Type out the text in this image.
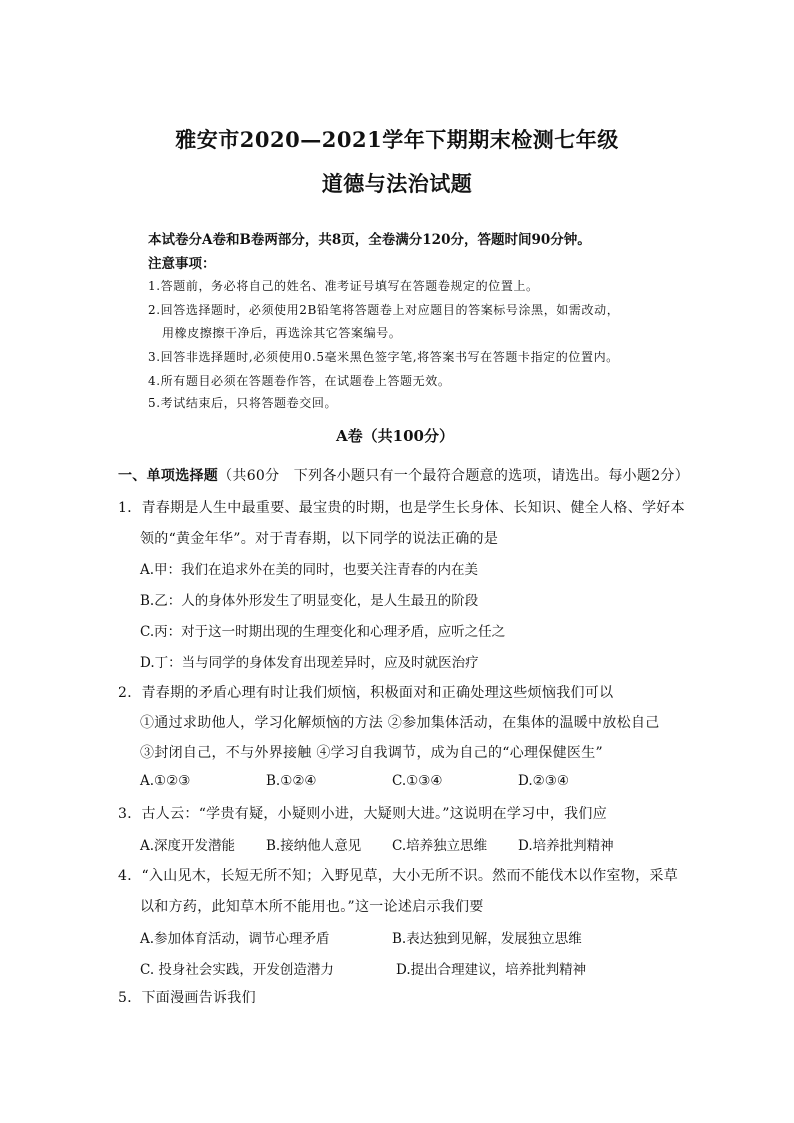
雅安市2020—2021学年下期期末检测七年级
道德与法治试题
本试卷分A卷和B卷两部分，共8页，全卷满分120分，答题时间90分钟。
注意事项：
1.答题前，务必将自己的姓名、准考证号填写在答题卷规定的位置上。
2.回答选择题时，必须使用2B铅笔将答题卷上对应题目的答案标号涂黑，如需改动，
用橡皮擦擦干净后，再选涂其它答案编号。
3.回答非选择题时,必须使用0.5毫米黑色签字笔,将答案书写在答题卡指定的位置内。
4.所有题目必须在答题卷作答，在试题卷上答题无效。
5.考试结束后，只将答题卷交回。
A卷（共100分）
一、单项选择题（共60分　下列各小题只有一个最符合题意的选项，请选出。每小题2分）
1．青春期是人生中最重要、最宝贵的时期，也是学生长身体、长知识、健全人格、学好本
领的“黄金年华”。对于青春期，以下同学的说法正确的是
A.甲：我们在追求外在美的同时，也要关注青春的内在美
B.乙：人的身体外形发生了明显变化，是人生最丑的阶段
C.丙：对于这一时期出现的生理变化和心理矛盾，应听之任之
D.丁：当与同学的身体发育出现差异时，应及时就医治疗
2．青春期的矛盾心理有时让我们烦恼，积极面对和正确处理这些烦恼我们可以
①通过求助他人，学习化解烦恼的方法 ②参加集体活动，在集体的温暖中放松自己
③封闭自己，不与外界接触 ④学习自我调节，成为自己的“心理保健医生”
A.①②③	B.①②④	C.①③④	D.②③④
3．古人云：“学贵有疑，小疑则小进，大疑则大进。”这说明在学习中，我们应
A.深度开发潜能 B.接纳他人意见 C.培养独立思维 D.培养批判精神
4．“入山见木，长短无所不知；入野见草，大小无所不识。然而不能伐木以作室物，采草
以和方药，此知草木所不能用也。”这一论述启示我们要
A.参加体育活动，调节心理矛盾	B.表达独到见解，发展独立思维
C. 投身社会实践，开发创造潜力	D.提出合理建议，培养批判精神
5．下面漫画告诉我们
